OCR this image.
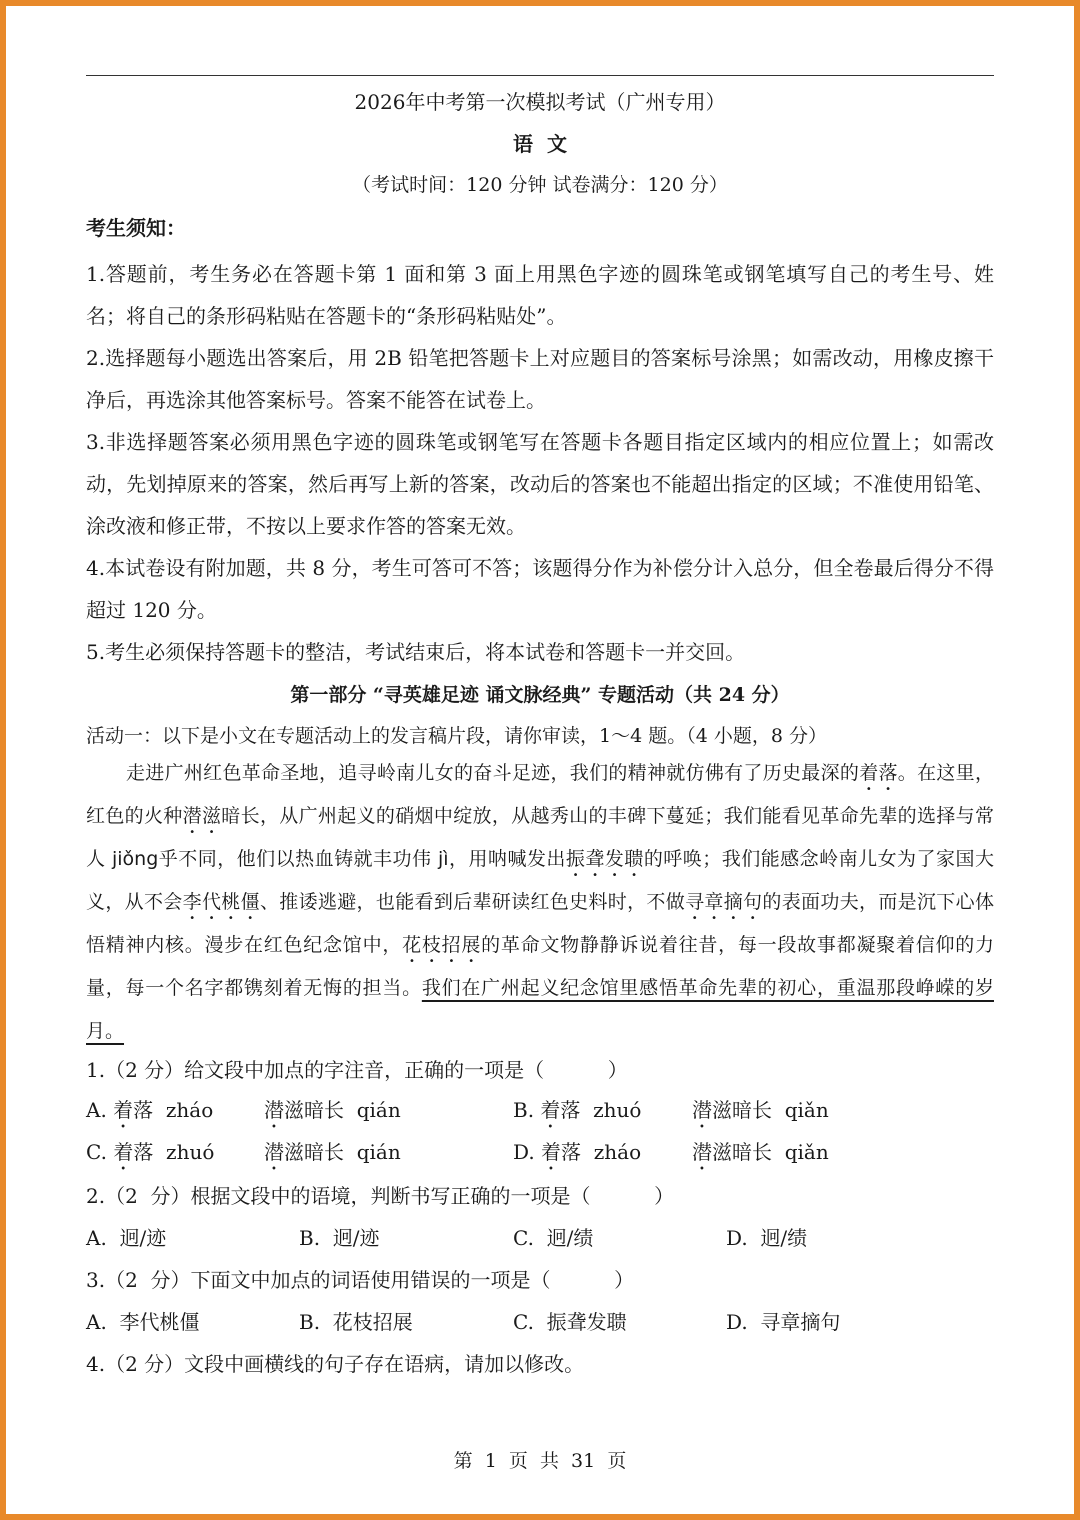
2026年中考第一次模拟考试（广州专用）
语  文
（考试时间：120 分钟 试卷满分：120 分）
考生须知：
1.答题前，考生务必在答题卡第 1 面和第 3 面上用黑色字迹的圆珠笔或钢笔填写自己的考生号、姓名；将自己的条形码粘贴在答题卡的“条形码粘贴处”。
2.选择题每小题选出答案后，用 2B 铅笔把答题卡上对应题目的答案标号涂黑；如需改动，用橡皮擦干净后，再选涂其他答案标号。答案不能答在试卷上。
3.非选择题答案必须用黑色字迹的圆珠笔或钢笔写在答题卡各题目指定区域内的相应位置上；如需改动，先划掉原来的答案，然后再写上新的答案，改动后的答案也不能超出指定的区域；不准使用铅笔、涂改液和修正带，不按以上要求作答的答案无效。
4.本试卷设有附加题，共 8 分，考生可答可不答；该题得分作为补偿分计入总分，但全卷最后得分不得超过 120 分。
5.考生必须保持答题卡的整洁，考试结束后，将本试卷和答题卡一并交回。
第一部分 “寻英雄足迹 诵文脉经典” 专题活动（共 24 分）
活动一：以下是小文在专题活动上的发言稿片段，请你审读，1～4 题。（4 小题，8 分）
走进广州红色革命圣地，追寻岭南儿女的奋斗足迹，我们的精神就仿佛有了历史最深的着落。在这里，红色的火种潜滋暗长，从广州起义的硝烟中绽放，从越秀山的丰碑下蔓延；我们能看见革命先辈的选择与常人 jiǒng乎不同，他们以热血铸就丰功伟 jì，用呐喊发出振聋发聩的呼唤；我们能感念岭南儿女为了家国大义，从不会李代桃僵、推诿逃避，也能看到后辈研读红色史料时，不做寻章摘句的表面功夫，而是沉下心体悟精神内核。漫步在红色纪念馆中，花枝招展的革命文物静静诉说着往昔，每一段故事都凝聚着信仰的力量，每一个名字都镌刻着无悔的担当。我们在广州起义纪念馆里感悟革命先辈的初心，重温那段峥嵘的岁月。
1.（2 分）给文段中加点的字注音，正确的一项是（          ）

A. 着落  zháo

	潜滋暗长  qián

	B. 着落  zhuó

	潜滋暗长  qiǎn

C. 着落  zhuó

潜滋暗长  qián

	D. 着落  zháo

	潜滋暗长  qiǎn

2.（2  分）根据文段中的语境，判断书写正确的一项是（          ）

A.  迥/迹

	B.  迥/迹

	C.  迥/绩

	D.  迥/绩

3.（2  分）下面文中加点的词语使用错误的一项是（          ）

A.  李代桃僵

	B.  花枝招展

	C.  振聋发聩

	D.  寻章摘句

4.（2 分）文段中画横线的句子存在语病，请加以修改。
第  1  页  共  31  页
